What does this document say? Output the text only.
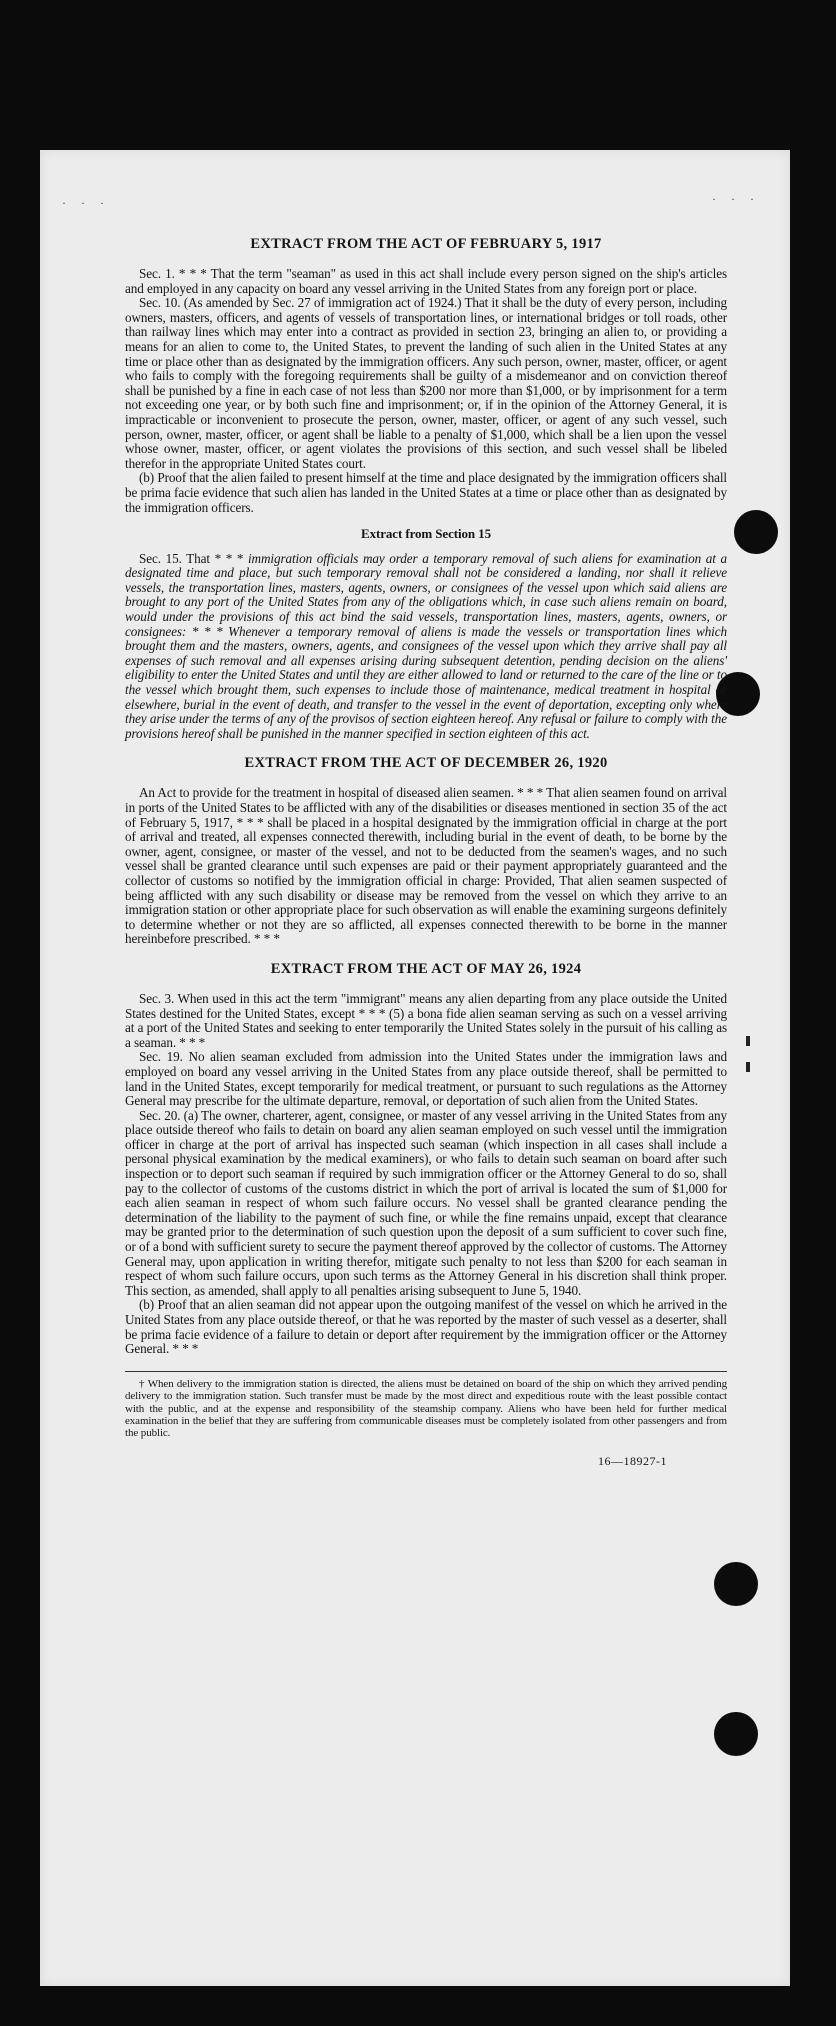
· · ·	· · ·
EXTRACT FROM THE ACT OF FEBRUARY 5, 1917

Sec. 1. * * * That the term "seaman" as used in this act shall include every person signed on the ship's articles and employed in any capacity on board any vessel arriving in the United States from any foreign port or place.

Sec. 10. (As amended by Sec. 27 of immigration act of 1924.) That it shall be the duty of every person, including owners, masters, officers, and agents of vessels of transportation lines, or international bridges or toll roads, other than railway lines which may enter into a contract as provided in section 23, bringing an alien to, or providing a means for an alien to come to, the United States, to prevent the landing of such alien in the United States at any time or place other than as designated by the immigration officers. Any such person, owner, master, officer, or agent who fails to comply with the foregoing requirements shall be guilty of a misdemeanor and on conviction thereof shall be punished by a fine in each case of not less than $200 nor more than $1,000, or by imprisonment for a term not exceeding one year, or by both such fine and imprisonment; or, if in the opinion of the Attorney General, it is impracticable or inconvenient to prosecute the person, owner, master, officer, or agent of any such vessel, such person, owner, master, officer, or agent shall be liable to a penalty of $1,000, which shall be a lien upon the vessel whose owner, master, officer, or agent violates the provisions of this section, and such vessel shall be libeled therefor in the appropriate United States court.

(b) Proof that the alien failed to present himself at the time and place designated by the immigration officers shall be prima facie evidence that such alien has landed in the United States at a time or place other than as designated by the immigration officers.

Extract from Section 15

Sec. 15. That * * * immigration officials may order a temporary removal of such aliens for examination at a designated time and place, but such temporary removal shall not be considered a landing, nor shall it relieve vessels, the transportation lines, masters, agents, owners, or consignees of the vessel upon which said aliens are brought to any port of the United States from any of the obligations which, in case such aliens remain on board, would under the provisions of this act bind the said vessels, transportation lines, masters, agents, owners, or consignees: * * * Whenever a temporary removal of aliens is made the vessels or transportation lines which brought them and the masters, owners, agents, and consignees of the vessel upon which they arrive shall pay all expenses of such removal and all expenses arising during subsequent detention, pending decision on the aliens' eligibility to enter the United States and until they are either allowed to land or returned to the care of the line or to the vessel which brought them, such expenses to include those of maintenance, medical treatment in hospital or elsewhere, burial in the event of death, and transfer to the vessel in the event of deportation, excepting only where they arise under the terms of any of the provisos of section eighteen hereof. Any refusal or failure to comply with the provisions hereof shall be punished in the manner specified in section eighteen of this act.

EXTRACT FROM THE ACT OF DECEMBER 26, 1920

An Act to provide for the treatment in hospital of diseased alien seamen. * * * That alien seamen found on arrival in ports of the United States to be afflicted with any of the disabilities or diseases mentioned in section 35 of the act of February 5, 1917, * * * shall be placed in a hospital designated by the immigration official in charge at the port of arrival and treated, all expenses connected therewith, including burial in the event of death, to be borne by the owner, agent, consignee, or master of the vessel, and not to be deducted from the seamen's wages, and no such vessel shall be granted clearance until such expenses are paid or their payment appropriately guaranteed and the collector of customs so notified by the immigration official in charge: Provided, That alien seamen suspected of being afflicted with any such disability or disease may be removed from the vessel on which they arrive to an immigration station or other appropriate place for such observation as will enable the examining surgeons definitely to determine whether or not they are so afflicted, all expenses connected therewith to be borne in the manner hereinbefore prescribed. * * *

EXTRACT FROM THE ACT OF MAY 26, 1924

Sec. 3. When used in this act the term "immigrant" means any alien departing from any place outside the United States destined for the United States, except * * * (5) a bona fide alien seaman serving as such on a vessel arriving at a port of the United States and seeking to enter temporarily the United States solely in the pursuit of his calling as a seaman. * * *

Sec. 19. No alien seaman excluded from admission into the United States under the immigration laws and employed on board any vessel arriving in the United States from any place outside thereof, shall be permitted to land in the United States, except temporarily for medical treatment, or pursuant to such regulations as the Attorney General may prescribe for the ultimate departure, removal, or deportation of such alien from the United States.

Sec. 20. (a) The owner, charterer, agent, consignee, or master of any vessel arriving in the United States from any place outside thereof who fails to detain on board any alien seaman employed on such vessel until the immigration officer in charge at the port of arrival has inspected such seaman (which inspection in all cases shall include a personal physical examination by the medical examiners), or who fails to detain such seaman on board after such inspection or to deport such seaman if required by such immigration officer or the Attorney General to do so, shall pay to the collector of customs of the customs district in which the port of arrival is located the sum of $1,000 for each alien seaman in respect of whom such failure occurs. No vessel shall be granted clearance pending the determination of the liability to the payment of such fine, or while the fine remains unpaid, except that clearance may be granted prior to the determination of such question upon the deposit of a sum sufficient to cover such fine, or of a bond with sufficient surety to secure the payment thereof approved by the collector of customs. The Attorney General may, upon application in writing therefor, mitigate such penalty to not less than $200 for each seaman in respect of whom such failure occurs, upon such terms as the Attorney General in his discretion shall think proper. This section, as amended, shall apply to all penalties arising subsequent to June 5, 1940.

(b) Proof that an alien seaman did not appear upon the outgoing manifest of the vessel on which he arrived in the United States from any place outside thereof, or that he was reported by the master of such vessel as a deserter, shall be prima facie evidence of a failure to detain or deport after requirement by the immigration officer or the Attorney General. * * *

† When delivery to the immigration station is directed, the aliens must be detained on board of the ship on which they arrived pending delivery to the immigration station. Such transfer must be made by the most direct and expeditious route with the least possible contact with the public, and at the expense and responsibility of the steamship company. Aliens who have been held for further medical examination in the belief that they are suffering from communicable diseases must be completely isolated from other passengers and from the public.
16—18927-1
